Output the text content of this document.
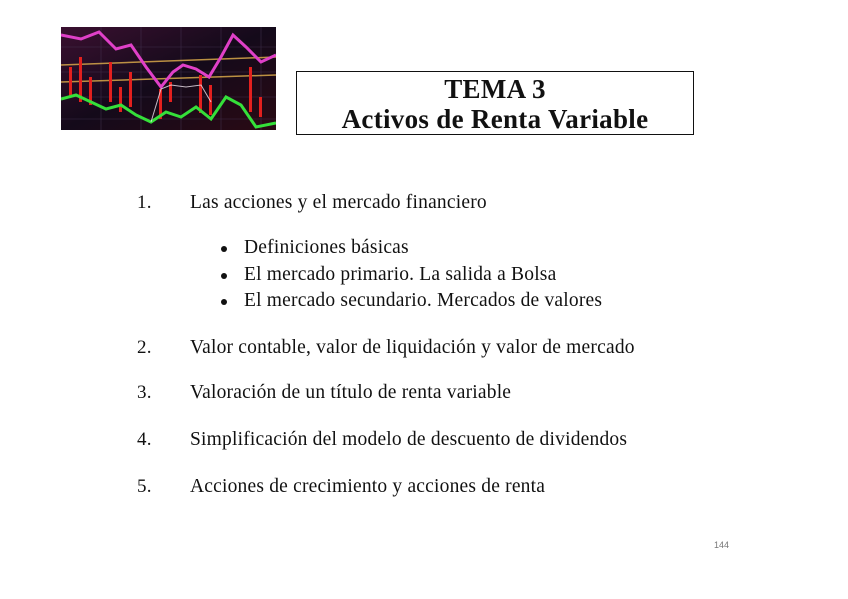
TEMA 3
Activos de Renta Variable
1. Las acciones y el mercado financiero
Definiciones básicas
El mercado primario. La salida a Bolsa
El mercado secundario. Mercados de valores
2. Valor contable, valor de liquidación y valor de mercado
3. Valoración de un título de renta variable
4. Simplificación del modelo de descuento de dividendos
5. Acciones de crecimiento y acciones de renta
144
